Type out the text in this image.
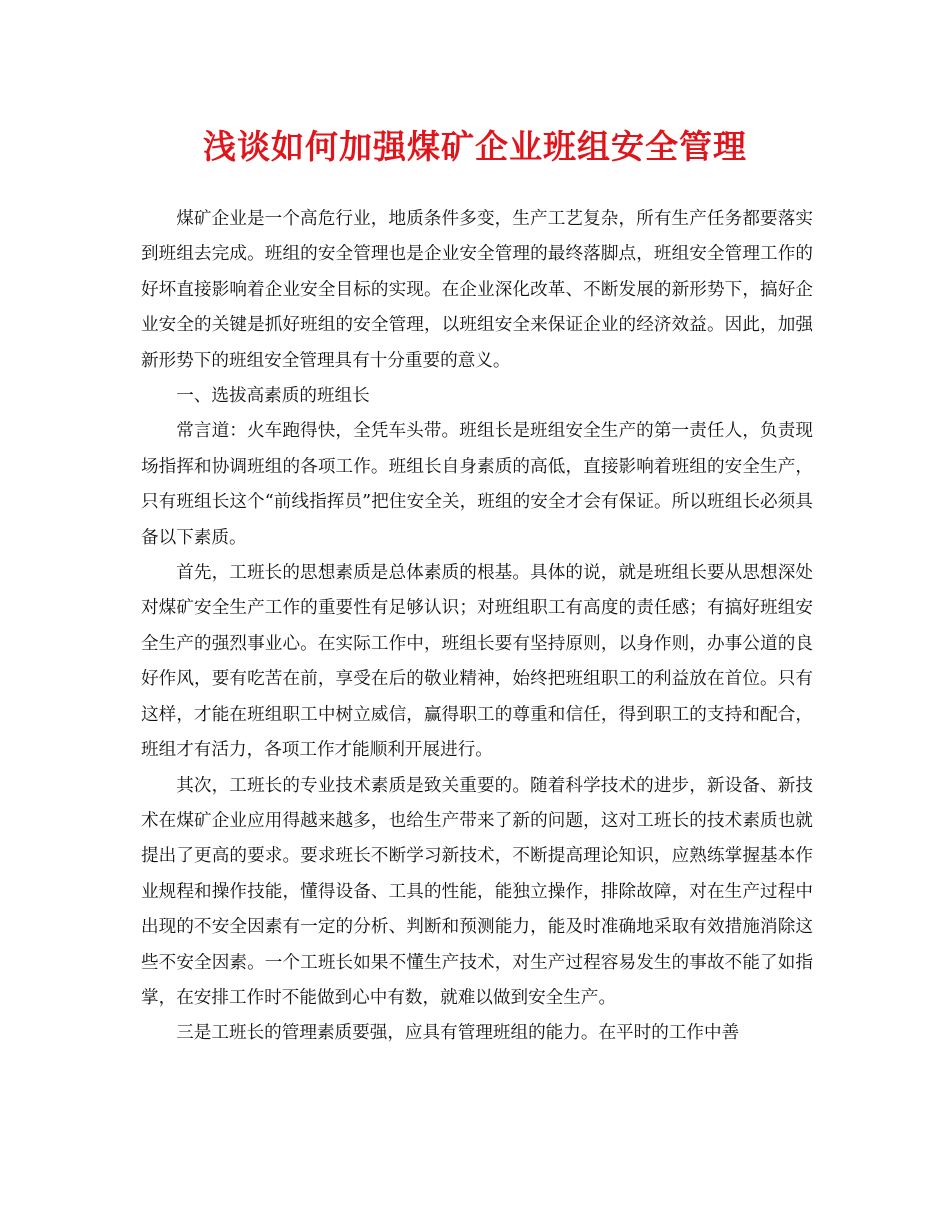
浅谈如何加强煤矿企业班组安全管理

煤矿企业是一个高危行业，地质条件多变，生产工艺复杂，所有生产任务都要落实到班组去完成。班组的安全管理也是企业安全管理的最终落脚点，班组安全管理工作的好坏直接影响着企业安全目标的实现。在企业深化改革、不断发展的新形势下，搞好企业安全的关键是抓好班组的安全管理，以班组安全来保证企业的经济效益。因此，加强新形势下的班组安全管理具有十分重要的意义。

一、选拔高素质的班组长

常言道：火车跑得快，全凭车头带。班组长是班组安全生产的第一责任人，负责现场指挥和协调班组的各项工作。班组长自身素质的高低，直接影响着班组的安全生产，只有班组长这个“前线指挥员”把住安全关，班组的安全才会有保证。所以班组长必须具备以下素质。

首先，工班长的思想素质是总体素质的根基。具体的说，就是班组长要从思想深处对煤矿安全生产工作的重要性有足够认识；对班组职工有高度的责任感；有搞好班组安全生产的强烈事业心。在实际工作中，班组长要有坚持原则，以身作则，办事公道的良好作风，要有吃苦在前，享受在后的敬业精神，始终把班组职工的利益放在首位。只有这样，才能在班组职工中树立威信，赢得职工的尊重和信任，得到职工的支持和配合，班组才有活力，各项工作才能顺利开展进行。

其次，工班长的专业技术素质是致关重要的。随着科学技术的进步，新设备、新技术在煤矿企业应用得越来越多，也给生产带来了新的问题，这对工班长的技术素质也就提出了更高的要求。要求班长不断学习新技术，不断提高理论知识，应熟练掌握基本作业规程和操作技能，懂得设备、工具的性能，能独立操作，排除故障，对在生产过程中出现的不安全因素有一定的分析、判断和预测能力，能及时准确地采取有效措施消除这些不安全因素。一个工班长如果不懂生产技术，对生产过程容易发生的事故不能了如指掌，在安排工作时不能做到心中有数，就难以做到安全生产。

三是工班长的管理素质要强，应具有管理班组的能力。在平时的工作中善
